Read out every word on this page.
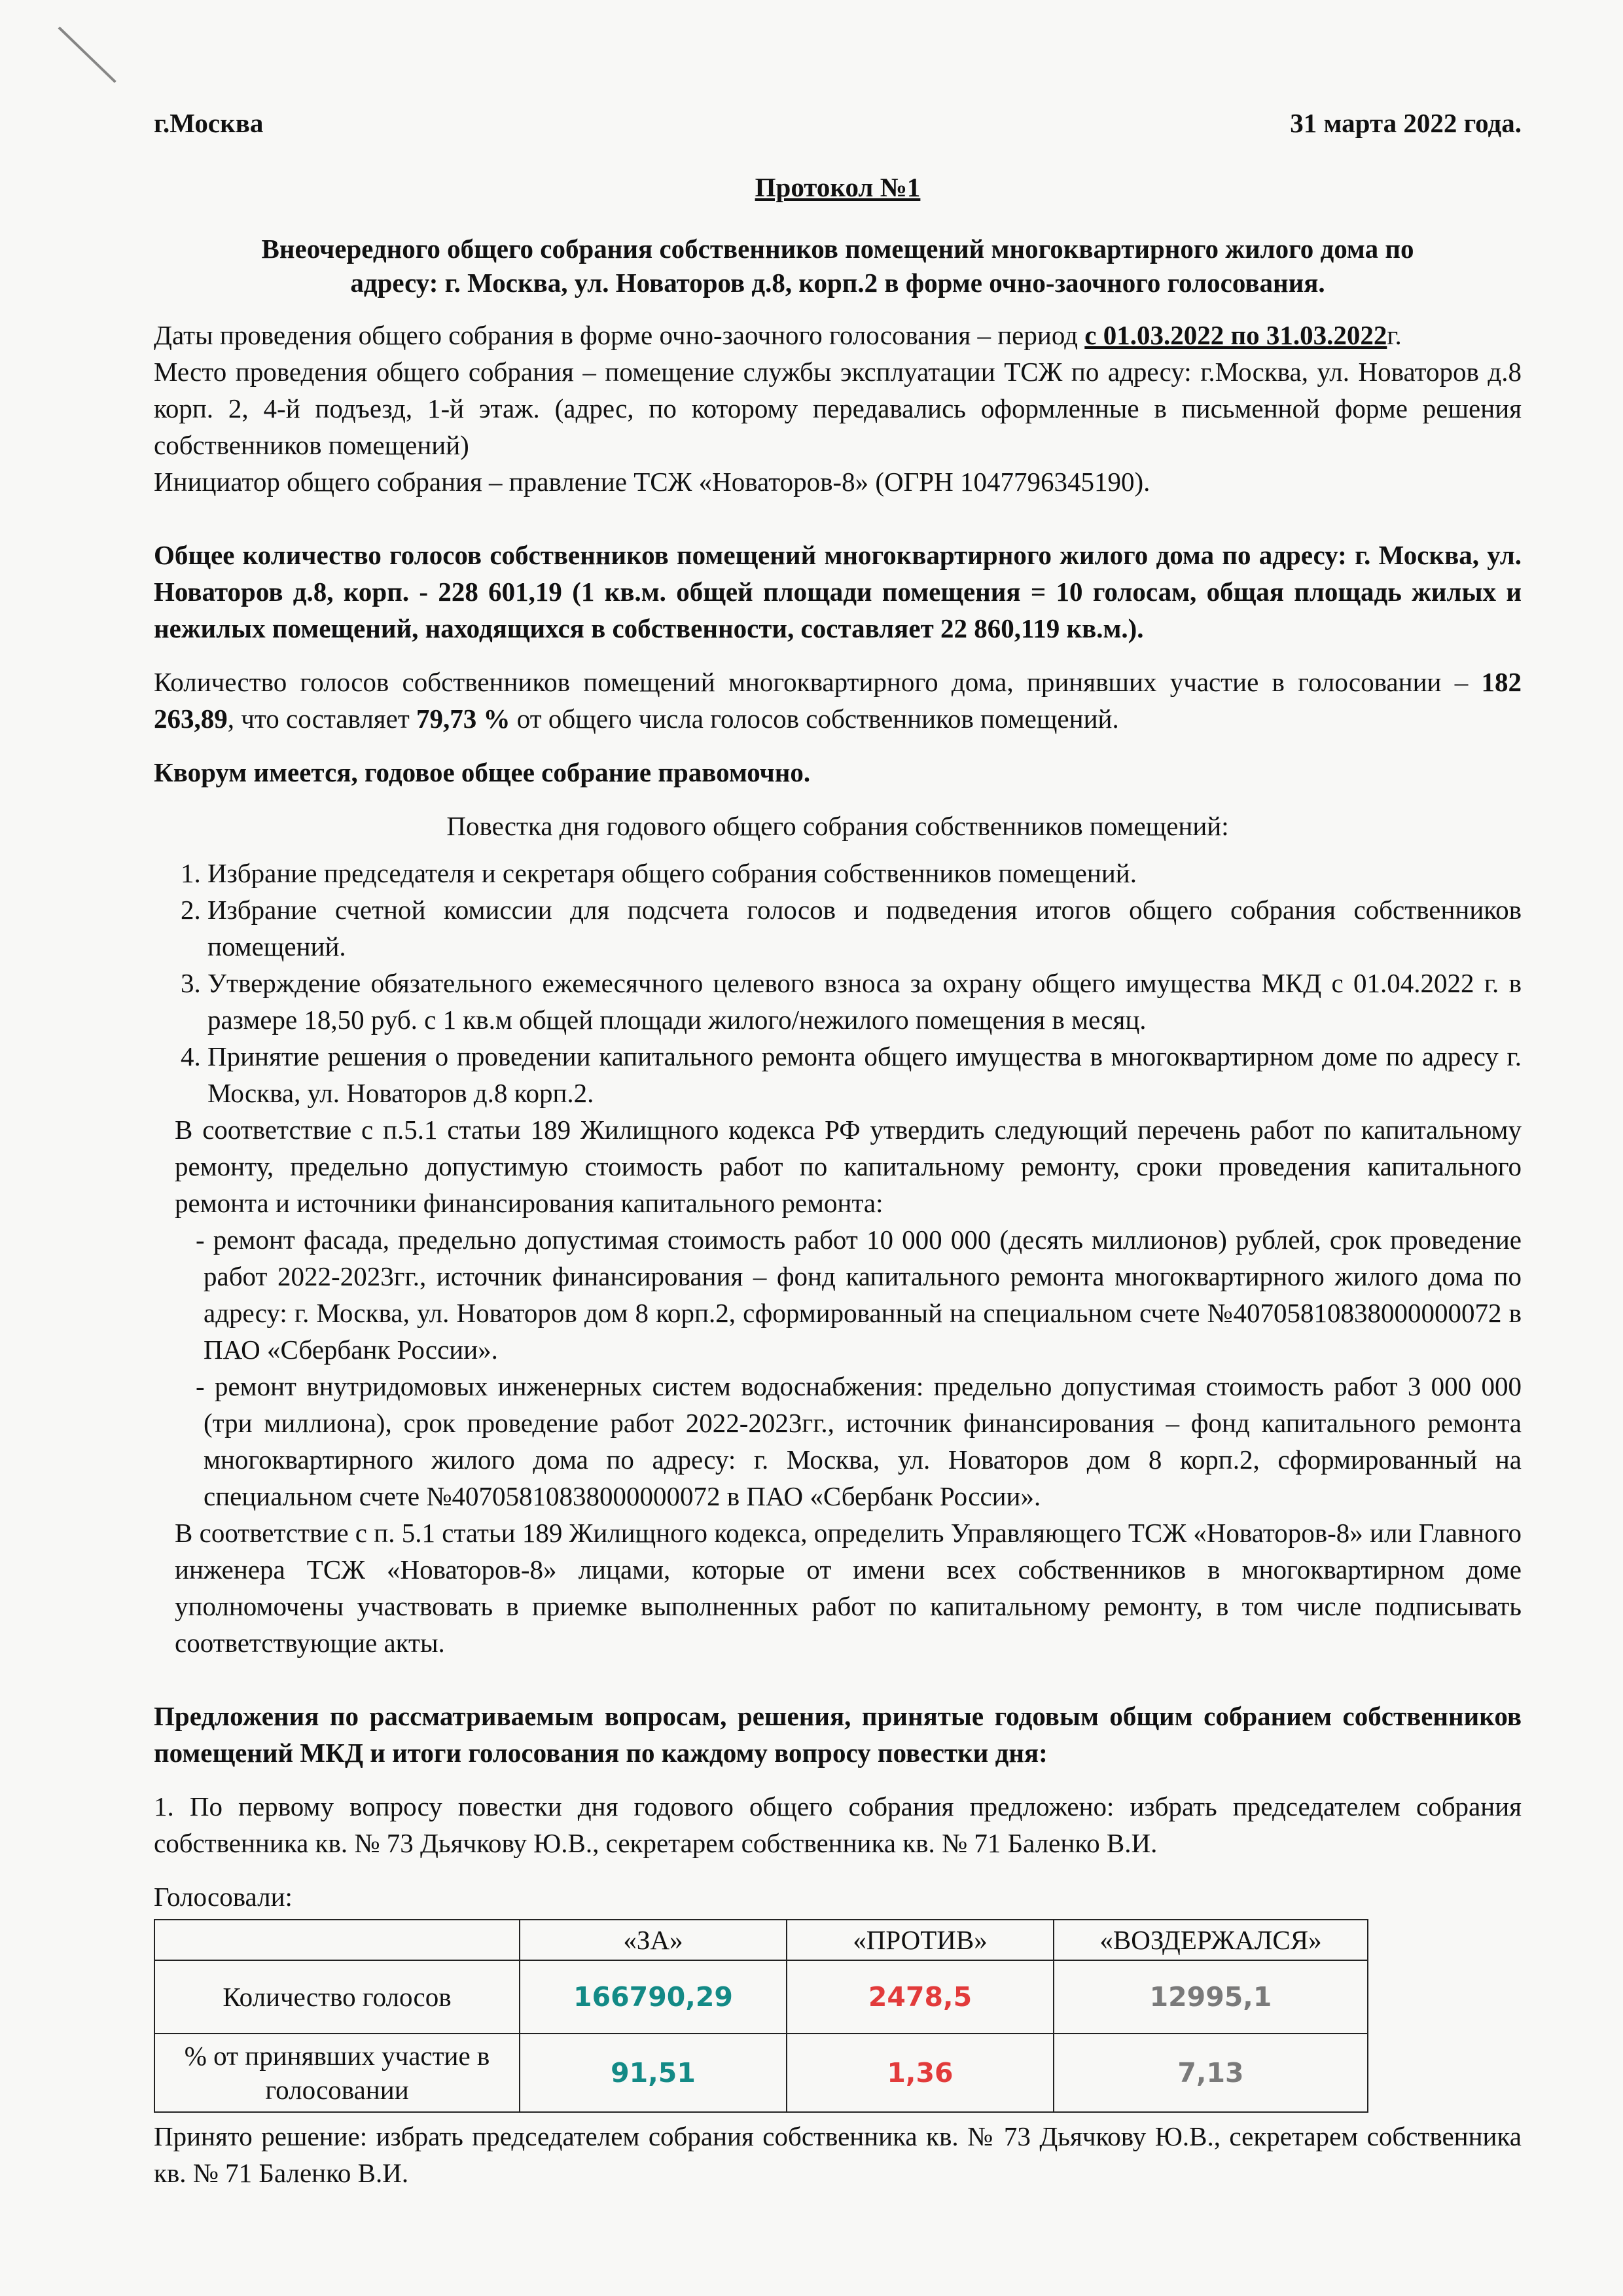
г.Москва	31 марта 2022 года.
Протокол №1
Внеочередного общего собрания собственников помещений многоквартирного жилого дома по
адресу: г. Москва, ул. Новаторов д.8, корп.2 в форме очно-заочного голосования.

Даты проведения общего собрания в форме очно-заочного голосования – период с 01.03.2022 по 31.03.2022г.

Место проведения общего собрания – помещение службы эксплуатации ТСЖ по адресу: г.Москва, ул. Новаторов д.8 корп. 2, 4-й подъезд, 1-й этаж. (адрес, по которому передавались оформленные в письменной форме решения собственников помещений)

Инициатор общего собрания – правление ТСЖ «Новаторов-8» (ОГРН 1047796345190).

Общее количество голосов собственников помещений многоквартирного жилого дома по адресу: г. Москва, ул. Новаторов д.8, корп. - 228 601,19 (1 кв.м. общей площади помещения = 10 голосам, общая площадь жилых и нежилых помещений, находящихся в собственности, составляет 22 860,119 кв.м.).

Количество голосов собственников помещений многоквартирного дома, принявших участие в голосовании – 182 263,89, что составляет 79,73 % от общего числа голосов собственников помещений.

Кворум имеется, годовое общее собрание правомочно.

Повестка дня годового общего собрания собственников помещений:
1. Избрание председателя и секретаря общего собрания собственников помещений.
2. Избрание счетной комиссии для подсчета голосов и подведения итогов общего собрания собственников помещений.
3. Утверждение обязательного ежемесячного целевого взноса за охрану общего имущества МКД с 01.04.2022 г. в размере 18,50 руб. с 1 кв.м общей площади жилого/нежилого помещения в месяц.
4. Принятие решения о проведении капитального ремонта общего имущества в многоквартирном доме по адресу г. Москва, ул. Новаторов д.8 корп.2.

В соответствие с п.5.1 статьи 189 Жилищного кодекса РФ утвердить следующий перечень работ по капитальному ремонту, предельно допустимую стоимость работ по капитальному ремонту, сроки проведения капитального ремонта и источники финансирования капитального ремонта:

- ремонт фасада, предельно допустимая стоимость работ 10 000 000 (десять миллионов) рублей, срок проведение работ 2022-2023гг., источник финансирования – фонд капитального ремонта многоквартирного жилого дома по адресу: г. Москва, ул. Новаторов дом 8 корп.2, сформированный на специальном счете №40705810838000000072 в ПАО «Сбербанк России».

- ремонт внутридомовых инженерных систем водоснабжения: предельно допустимая стоимость работ 3 000 000 (три миллиона), срок проведение работ 2022-2023гг., источник финансирования – фонд капитального ремонта многоквартирного жилого дома по адресу: г. Москва, ул. Новаторов дом 8 корп.2, сформированный на специальном счете №40705810838000000072 в ПАО «Сбербанк России».

В соответствие с п. 5.1 статьи 189 Жилищного кодекса, определить Управляющего ТСЖ «Новаторов-8» или Главного инженера ТСЖ «Новаторов-8» лицами, которые от имени всех собственников в многоквартирном доме уполномочены участвовать в приемке выполненных работ по капитальному ремонту, в том числе подписывать соответствующие акты.

Предложения по рассматриваемым вопросам, решения, принятые годовым общим собранием собственников помещений МКД и итоги голосования по каждому вопросу повестки дня:

1. По первому вопросу повестки дня годового общего собрания предложено: избрать председателем собрания собственника кв. № 73 Дьячкову Ю.В., секретарем собственника кв. № 71 Баленко В.И.

Голосовали:
	«ЗА»	«ПРОТИВ»	«ВОЗДЕРЖАЛСЯ»
Количество голосов	166790,29	2478,5	12995,1
% от принявших участие в голосовании	91,51	1,36	7,13

Принято решение: избрать председателем собрания собственника кв. № 73 Дьячкову Ю.В., секретарем собственника кв. № 71 Баленко В.И.
